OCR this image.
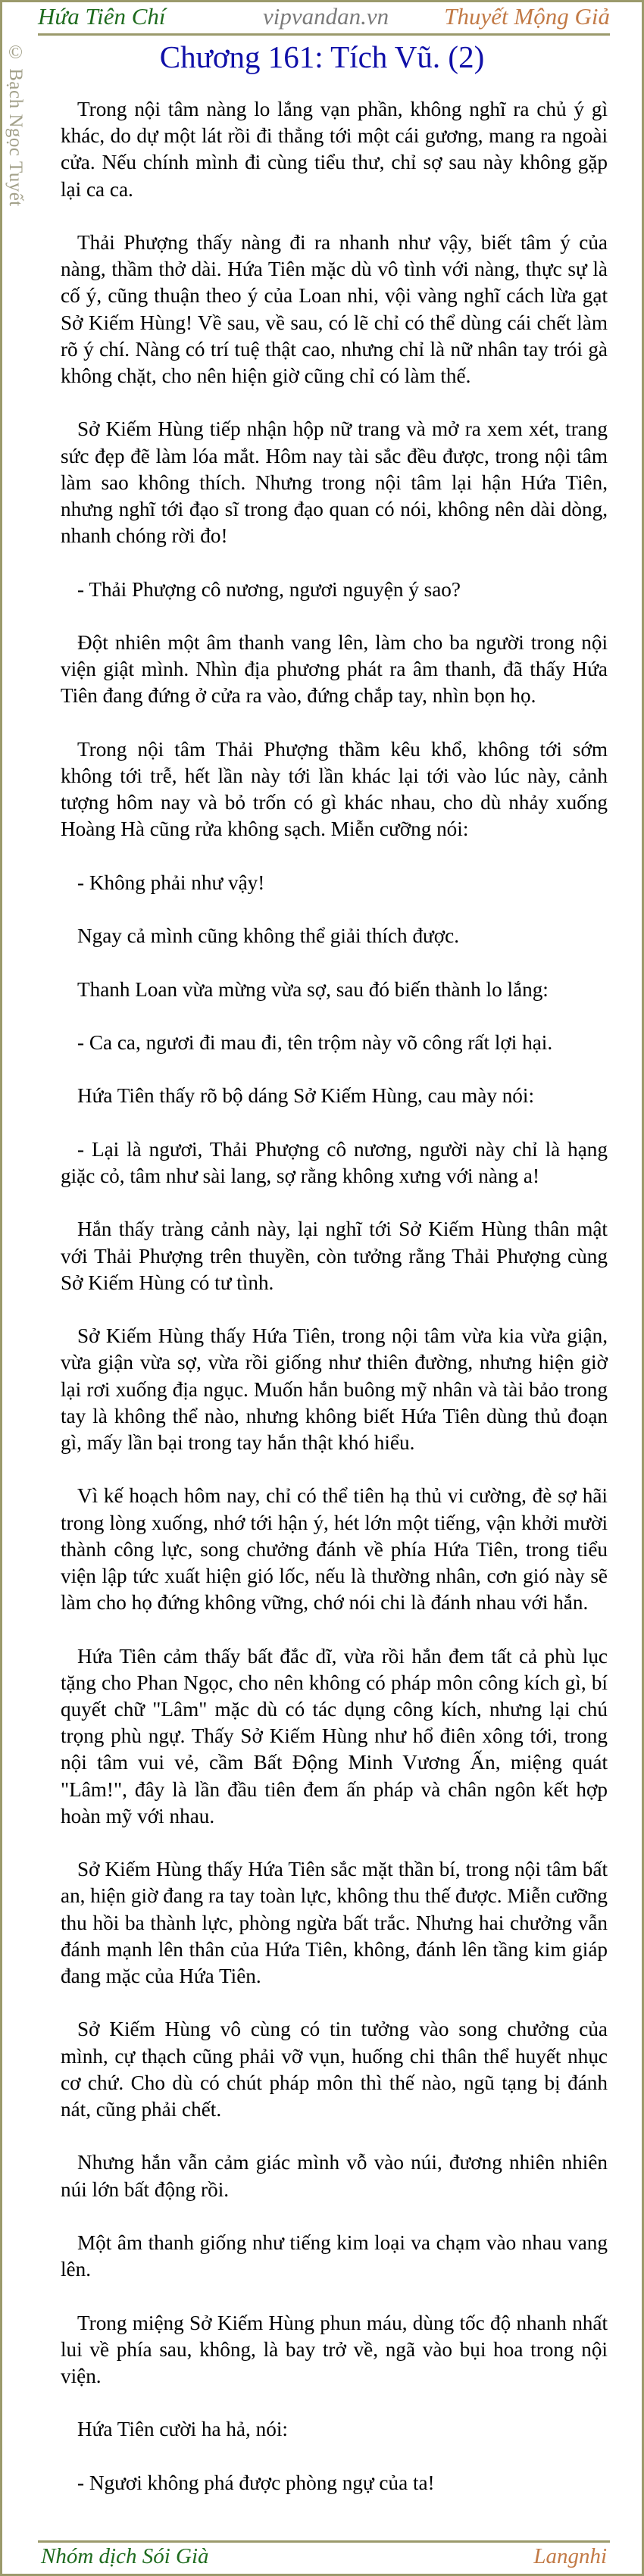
© Bạch Ngọc Tuyết
Hứa Tiên Chí	vipvandan.vn Thuyết Mộng Giả
Chương 161: Tích Vũ. (2)

Trong nội tâm nàng lo lắng vạn phần, không nghĩ ra chủ ý gì khác, do dự một lát rồi đi thẳng tới một cái gương, mang ra ngoài cửa. Nếu chính mình đi cùng tiểu thư, chỉ sợ sau này không gặp lại ca ca.

Thải Phượng thấy nàng đi ra nhanh như vậy, biết tâm ý của nàng, thầm thở dài. Hứa Tiên mặc dù vô tình với nàng, thực sự là cố ý, cũng thuận theo ý của Loan nhi, vội vàng nghĩ cách lừa gạt Sở Kiếm Hùng! Về sau, về sau, có lẽ chỉ có thể dùng cái chết làm rõ ý chí. Nàng có trí tuệ thật cao, nhưng chỉ là nữ nhân tay trói gà không chặt, cho nên hiện giờ cũng chỉ có làm thế.

Sở Kiếm Hùng tiếp nhận hộp nữ trang và mở ra xem xét, trang sức đẹp đẽ làm lóa mắt. Hôm nay tài sắc đều được, trong nội tâm làm sao không thích. Nhưng trong nội tâm lại hận Hứa Tiên, nhưng nghĩ tới đạo sĩ trong đạo quan có nói, không nên dài dòng, nhanh chóng rời đo!

- Thải Phượng cô nương, ngươi nguyện ý sao?

Đột nhiên một âm thanh vang lên, làm cho ba người trong nội viện giật mình. Nhìn địa phương phát ra âm thanh, đã thấy Hứa Tiên đang đứng ở cửa ra vào, đứng chắp tay, nhìn bọn họ.

Trong nội tâm Thải Phượng thầm kêu khổ, không tới sớm không tới trễ, hết lần này tới lần khác lại tới vào lúc này, cảnh tượng hôm nay và bỏ trốn có gì khác nhau, cho dù nhảy xuống Hoàng Hà cũng rửa không sạch. Miễn cưỡng nói:

- Không phải như vậy!

Ngay cả mình cũng không thể giải thích được.

Thanh Loan vừa mừng vừa sợ, sau đó biến thành lo lắng:

- Ca ca, ngươi đi mau đi, tên trộm này võ công rất lợi hại.

Hứa Tiên thấy rõ bộ dáng Sở Kiếm Hùng, cau mày nói:

- Lại là ngươi, Thải Phượng cô nương, người này chỉ là hạng giặc cỏ, tâm như sài lang, sợ rằng không xưng với nàng a!

Hắn thấy tràng cảnh này, lại nghĩ tới Sở Kiếm Hùng thân mật với Thải Phượng trên thuyền, còn tưởng rằng Thải Phượng cùng Sở Kiếm Hùng có tư tình.

Sở Kiếm Hùng thấy Hứa Tiên, trong nội tâm vừa kia vừa giận, vừa giận vừa sợ, vừa rồi giống như thiên đường, nhưng hiện giờ lại rơi xuống địa ngục. Muốn hắn buông mỹ nhân và tài bảo trong tay là không thể nào, nhưng không biết Hứa Tiên dùng thủ đoạn gì, mấy lần bại trong tay hắn thật khó hiểu.

Vì kế hoạch hôm nay, chỉ có thể tiên hạ thủ vi cường, đè sợ hãi trong lòng xuống, nhớ tới hận ý, hét lớn một tiếng, vận khởi mười thành công lực, song chưởng đánh về phía Hứa Tiên, trong tiểu viện lập tức xuất hiện gió lốc, nếu là thường nhân, cơn gió này sẽ làm cho họ đứng không vững, chớ nói chi là đánh nhau với hắn.

Hứa Tiên cảm thấy bất đắc dĩ, vừa rồi hắn đem tất cả phù lục tặng cho Phan Ngọc, cho nên không có pháp môn công kích gì, bí quyết chữ "Lâm" mặc dù có tác dụng công kích, nhưng lại chú trọng phù ngự. Thấy Sở Kiếm Hùng như hổ điên xông tới, trong nội tâm vui vẻ, cầm Bất Động Minh Vương Ấn, miệng quát "Lâm!", đây là lần đầu tiên đem ấn pháp và chân ngôn kết hợp hoàn mỹ với nhau.

Sở Kiếm Hùng thấy Hứa Tiên sắc mặt thần bí, trong nội tâm bất an, hiện giờ đang ra tay toàn lực, không thu thế được. Miễn cưỡng thu hồi ba thành lực, phòng ngừa bất trắc. Nhưng hai chưởng vẫn đánh mạnh lên thân của Hứa Tiên, không, đánh lên tầng kim giáp đang mặc của Hứa Tiên.

Sở Kiếm Hùng vô cùng có tin tưởng vào song chưởng của mình, cự thạch cũng phải vỡ vụn, huống chi thân thể huyết nhục cơ chứ. Cho dù có chút pháp môn thì thế nào, ngũ tạng bị đánh nát, cũng phải chết.

Nhưng hắn vẫn cảm giác mình vỗ vào núi, đương nhiên nhiên núi lớn bất động rồi.

Một âm thanh giống như tiếng kim loại va chạm vào nhau vang lên.

Trong miệng Sở Kiếm Hùng phun máu, dùng tốc độ nhanh nhất lui về phía sau, không, là bay trở về, ngã vào bụi hoa trong nội viện.

Hứa Tiên cười ha hả, nói:

- Ngươi không phá được phòng ngự của ta!

Nhóm dịch Sói Già	Langnhi
